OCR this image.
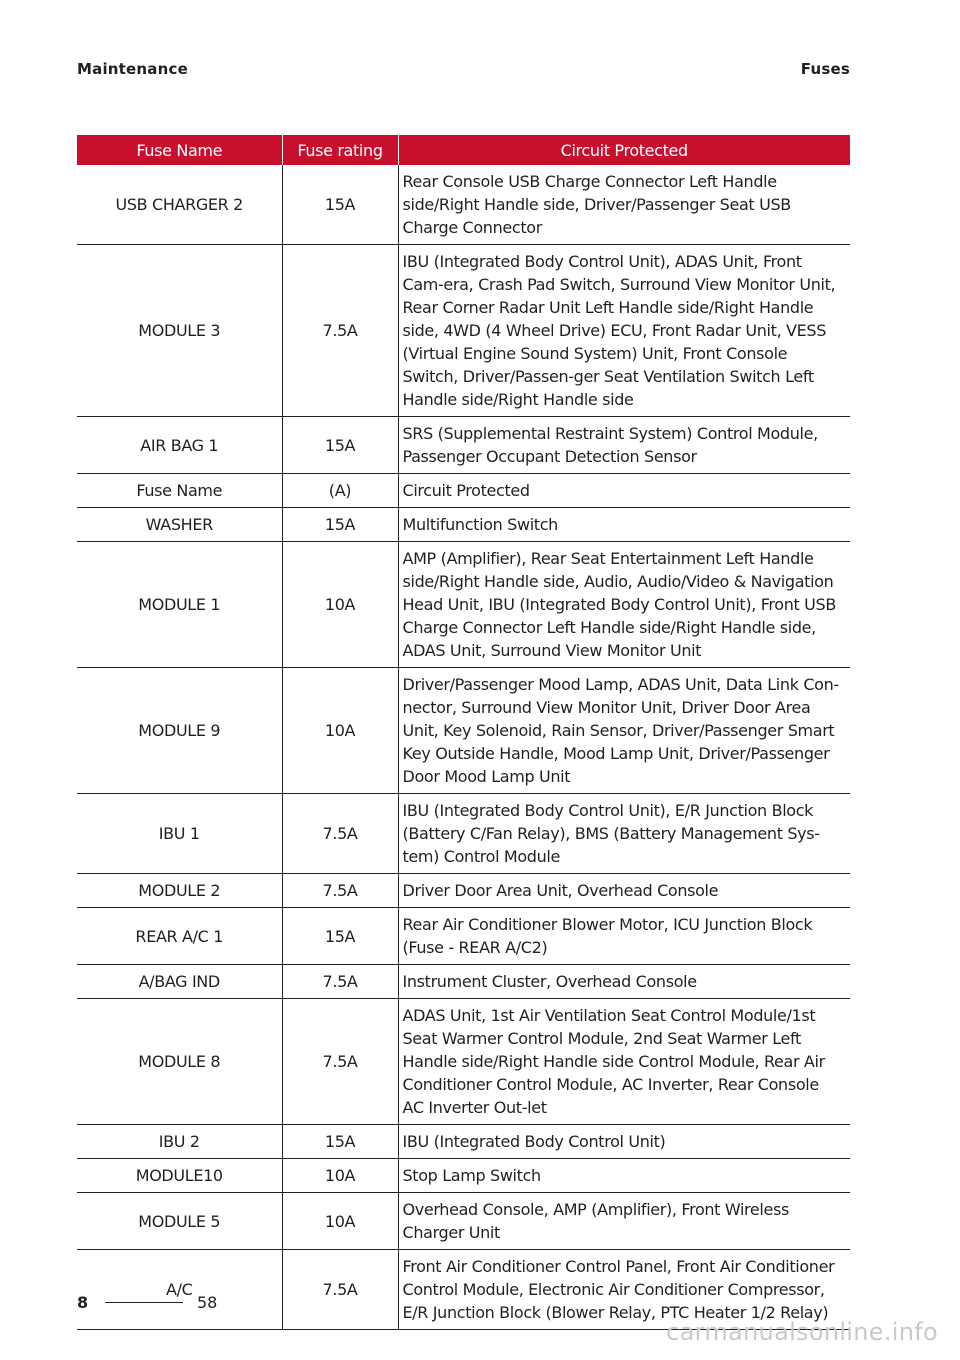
Maintenance	Fuses
Fuse Name	Fuse rating	Circuit Protected
USB CHARGER 2	15A	Rear Console USB Charge Connector Left Handle side/Right Handle side, Driver/Passenger Seat USB Charge Connector
MODULE 3	7.5A	IBU (Integrated Body Control Unit), ADAS Unit, Front Cam-era, Crash Pad Switch, Surround View Monitor Unit, Rear Corner Radar Unit Left Handle side/Right Handle side, 4WD (4 Wheel Drive) ECU, Front Radar Unit, VESS (Virtual Engine Sound System) Unit, Front Console Switch, Driver/Passen-ger Seat Ventilation Switch Left Handle side/Right Handle side
AIR BAG 1	15A	SRS (Supplemental Restraint System) Control Module, Passenger Occupant Detection Sensor
Fuse Name	(A)	Circuit Protected
WASHER	15A	Multifunction Switch
MODULE 1	10A	AMP (Amplifier), Rear Seat Entertainment Left Handle side/Right Handle side, Audio, Audio/Video & Navigation Head Unit, IBU (Integrated Body Control Unit), Front USB Charge Connector Left Handle side/Right Handle side, ADAS Unit, Surround View Monitor Unit
MODULE 9	10A	Driver/Passenger Mood Lamp, ADAS Unit, Data Link Con-nector, Surround View Monitor Unit, Driver Door Area Unit, Key Solenoid, Rain Sensor, Driver/Passenger Smart Key Outside Handle, Mood Lamp Unit, Driver/Passenger Door Mood Lamp Unit
IBU 1	7.5A	IBU (Integrated Body Control Unit), E/R Junction Block (Battery C/Fan Relay), BMS (Battery Management Sys-tem) Control Module
MODULE 2	7.5A	Driver Door Area Unit, Overhead Console
REAR A/C 1	15A	Rear Air Conditioner Blower Motor, ICU Junction Block (Fuse - REAR A/C2)
A/BAG IND	7.5A	Instrument Cluster, Overhead Console
MODULE 8	7.5A	ADAS Unit, 1st Air Ventilation Seat Control Module/1st Seat Warmer Control Module, 2nd Seat Warmer Left Handle side/Right Handle side Control Module, Rear Air Conditioner Control Module, AC Inverter, Rear Console AC Inverter Out-let
IBU 2	15A	IBU (Integrated Body Control Unit)
MODULE10	10A	Stop Lamp Switch
MODULE 5	10A	Overhead Console, AMP (Amplifier), Front Wireless Charger Unit
A/C	7.5A	Front Air Conditioner Control Panel, Front Air Conditioner Control Module, Electronic Air Conditioner Compressor, E/R Junction Block (Blower Relay, PTC Heater 1/2 Relay)
8	58
carmanualsonline.info
